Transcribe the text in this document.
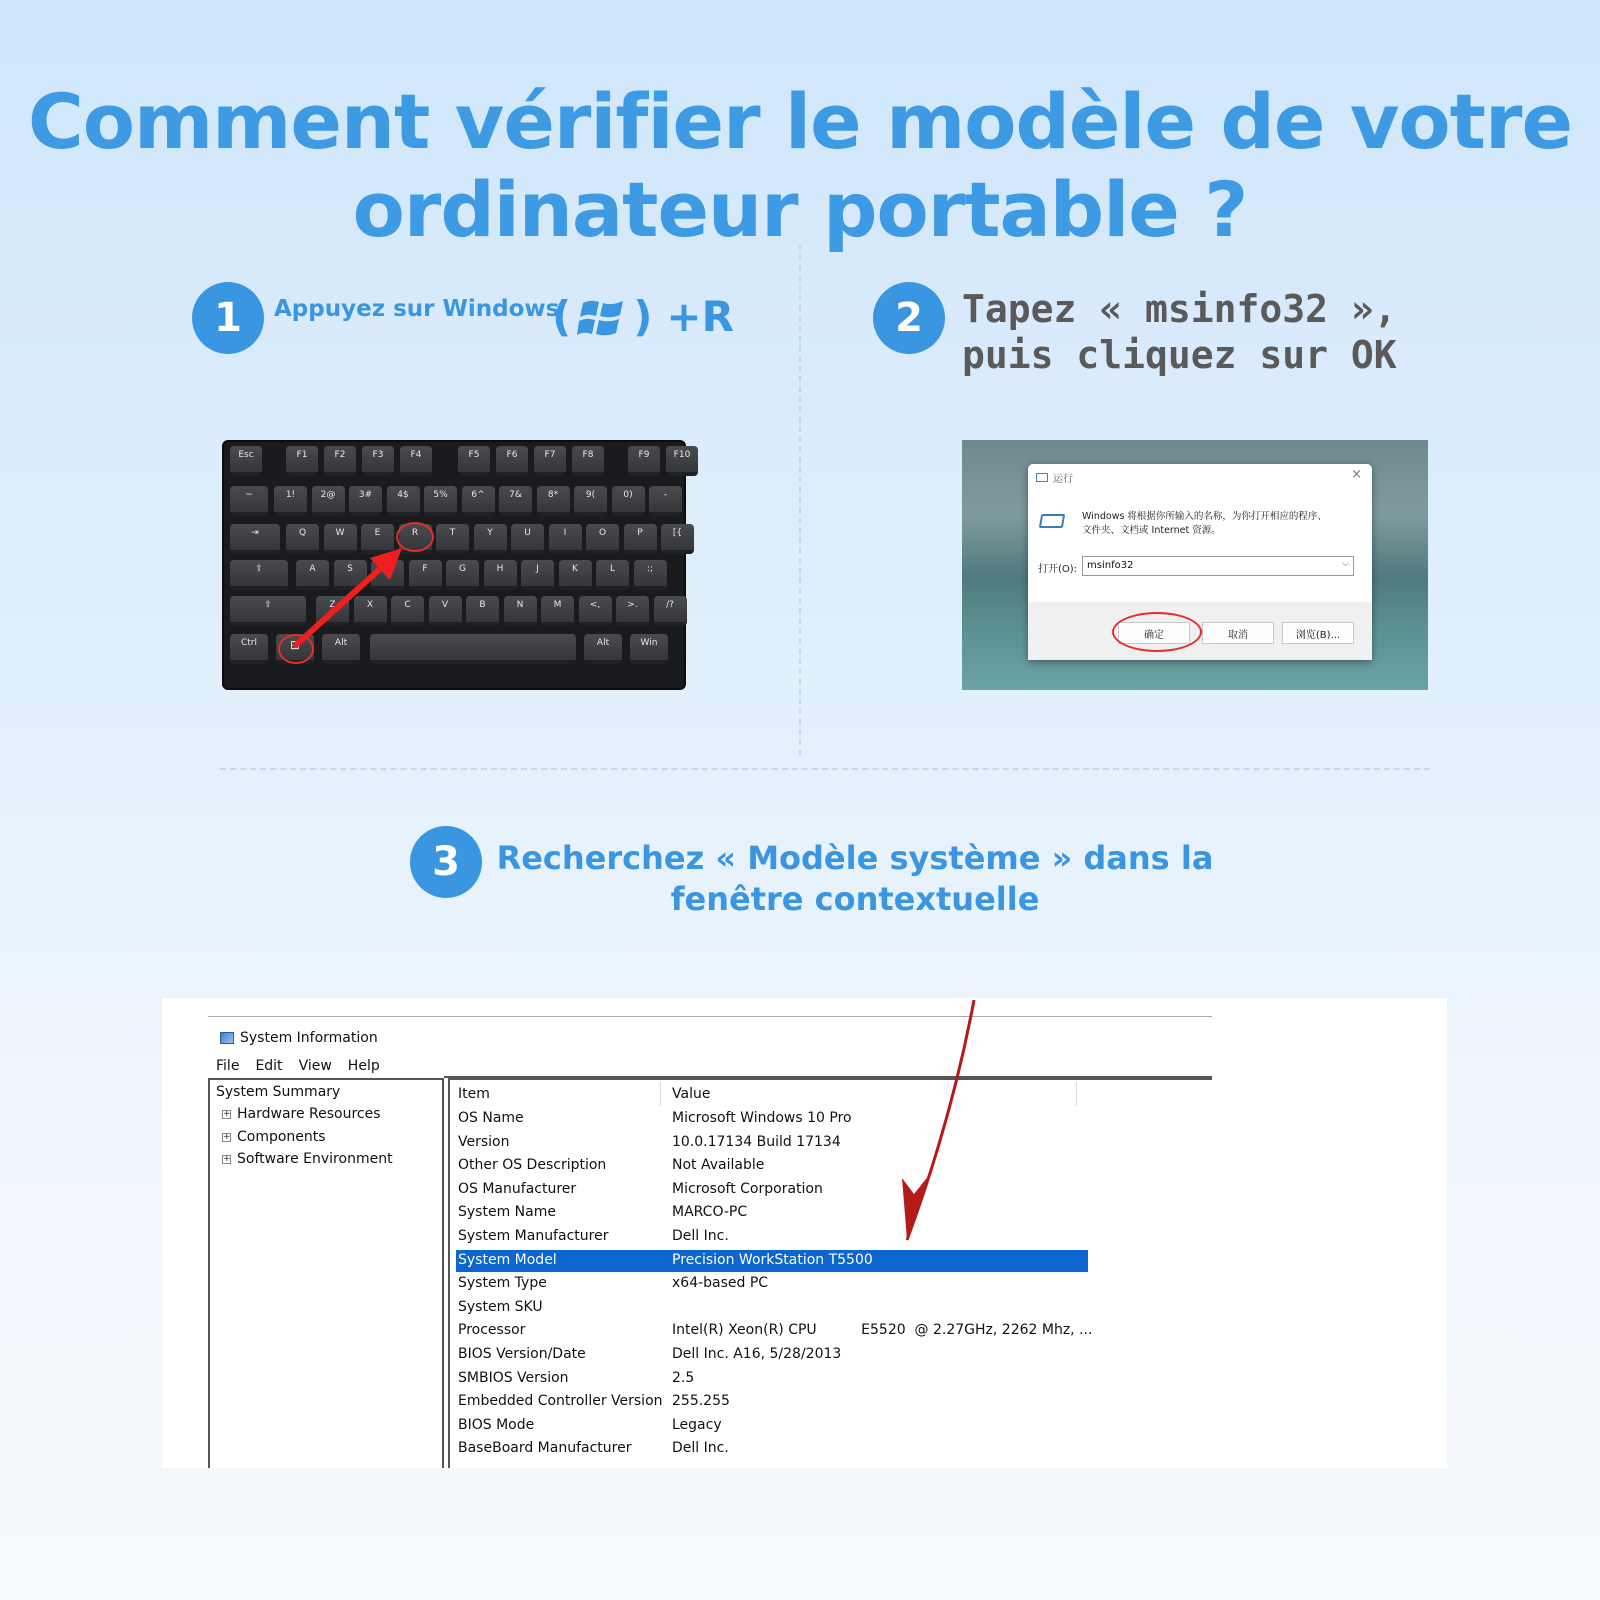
Comment vérifier le modèle de votre
ordinateur portable ?
1	Appuyez sur Windows
( ) +R	2	Tapez « msinfo32 »,
puis cliquez sur OK
Esc	F1	F2	F3	F4	F5	F6	F7	F8	F9	F10
~	1!	2@	3#	4$	5%	6^	7&	8*	9(	0)	-
⇥	Q	W	E	R	T	Y	U	I	O	P	[{
⇪	A	S	F	G	H	J	K	L	:;
⇧	Z	X	C	V	B	N	M	<,	>.	/?
Ctrl	⊞	Alt	Alt	Win
运行	×
Windows 将根据你所输入的名称，为你打开相应的程序、
文件夹、文档或 Internet 资源。
打开(O): msinfo32	⌵
确定	取消	浏览(B)...
3	Recherchez « Modèle système » dans la
fenêtre contextuelle
System Information
File Edit View Help
System Summary
+ Hardware Resources
+ Components
+ Software Environment
Item	Value
OS Name	Microsoft Windows 10 Pro
Version	10.0.17134 Build 17134
Other OS Description	Not Available
OS Manufacturer	Microsoft Corporation
System Name	MARCO-PC
System Manufacturer	Dell Inc.
System Model	Precision WorkStation T5500
System Type	x64-based PC
System SKU
Processor	Intel(R) Xeon(R) CPU          E5520  @ 2.27GHz, 2262 Mhz, ...
BIOS Version/Date	Dell Inc. A16, 5/28/2013
SMBIOS Version	2.5
Embedded Controller Version 255.255
BIOS Mode	Legacy
BaseBoard Manufacturer	Dell Inc.
